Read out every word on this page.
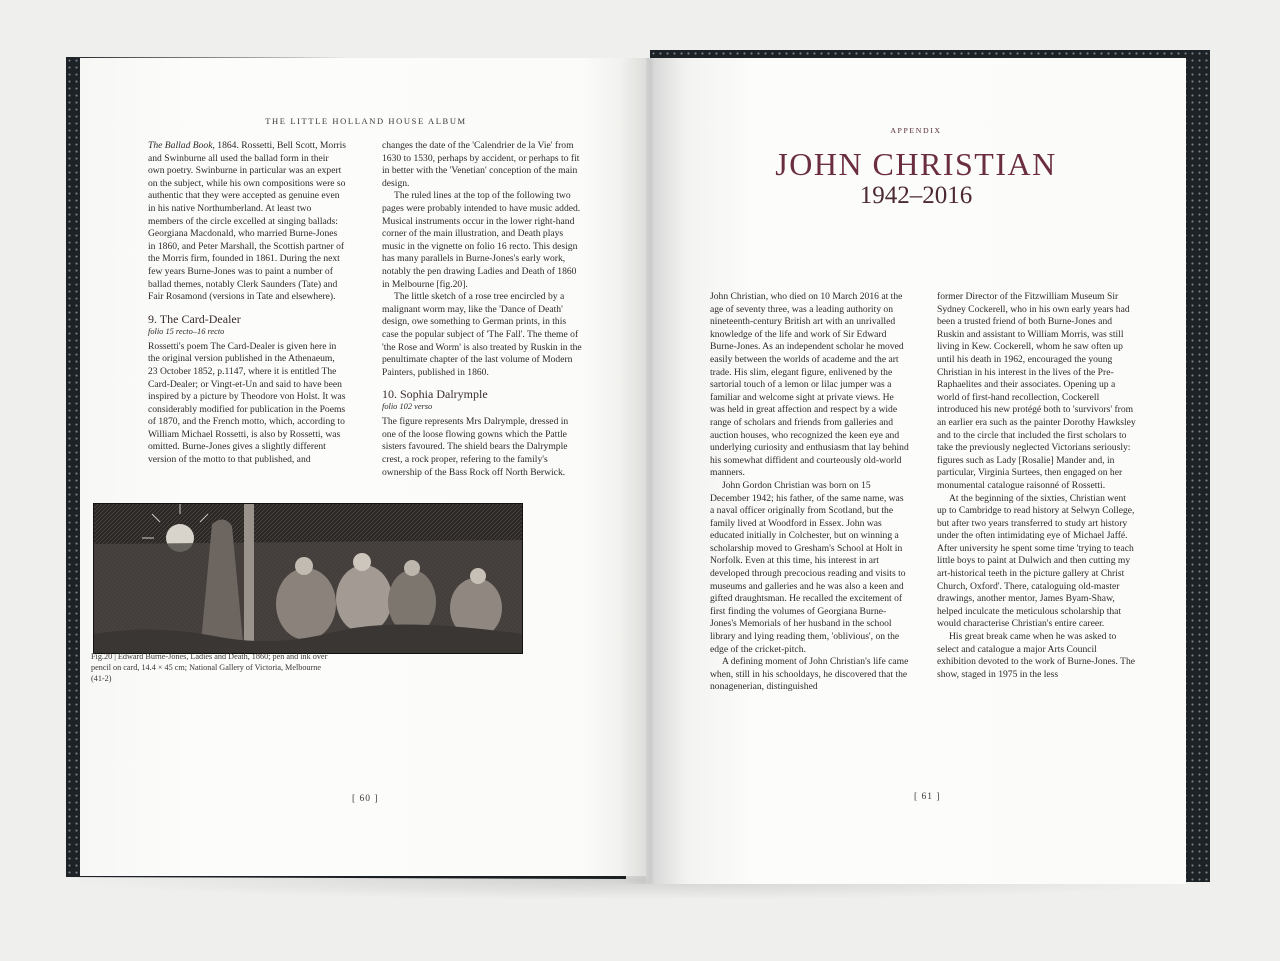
THE LITTLE HOLLAND HOUSE ALBUM

The Ballad Book, 1864. Rossetti, Bell Scott, Morris and Swinburne all used the ballad form in their own poetry. Swinburne in particular was an expert on the subject, while his own compositions were so authentic that they were accepted as genuine even in his native Northumberland. At least two members of the circle excelled at singing ballads: Georgiana Macdonald, who married Burne-Jones in 1860, and Peter Marshall, the Scottish partner of the Morris firm, founded in 1861. During the next few years Burne-Jones was to paint a number of ballad themes, notably Clerk Saunders (Tate) and Fair Rosamond (versions in Tate and elsewhere).

9. The Card-Dealer
folio 15 recto–16 recto

Rossetti's poem The Card-Dealer is given here in the original version published in the Athenaeum, 23 October 1852, p.1147, where it is entitled The Card-Dealer; or Vingt-et-Un and said to have been inspired by a picture by Theodore von Holst. It was considerably modified for publication in the Poems of 1870, and the French motto, which, according to William Michael Rossetti, is also by Rossetti, was omitted. Burne-Jones gives a slightly different version of the motto to that published, and

changes the date of the 'Calendrier de la Vie' from 1630 to 1530, perhaps by accident, or perhaps to fit in better with the 'Venetian' conception of the main design.

The ruled lines at the top of the following two pages were probably intended to have music added. Musical instruments occur in the lower right-hand corner of the main illustration, and Death plays music in the vignette on folio 16 recto. This design has many parallels in Burne-Jones's early work, notably the pen drawing Ladies and Death of 1860 in Melbourne [fig.20].

The little sketch of a rose tree encircled by a malignant worm may, like the 'Dance of Death' design, owe something to German prints, in this case the popular subject of 'The Fall'. The theme of 'the Rose and Worm' is also treated by Ruskin in the penultimate chapter of the last volume of Modern Painters, published in 1860.

10. Sophia Dalrymple
folio 102 verso

The figure represents Mrs Dalrymple, dressed in one of the loose flowing gowns which the Pattle sisters favoured. The shield bears the Dalrymple crest, a rock proper, refering to the family's ownership of the Bass Rock off North Berwick.

[ 60 ]
Fig.20 | Edward Burne-Jones, Ladies and Death, 1860; pen and ink over pencil on card, 14.4 × 45 cm; National Gallery of Victoria, Melbourne (41-2)
APPENDIX
JOHN CHRISTIAN
1942–2016

John Christian, who died on 10 March 2016 at the age of seventy three, was a leading authority on nineteenth-century British art with an unrivalled knowledge of the life and work of Sir Edward Burne-Jones. As an independent scholar he moved easily between the worlds of academe and the art trade. His slim, elegant figure, enlivened by the sartorial touch of a lemon or lilac jumper was a familiar and welcome sight at private views. He was held in great affection and respect by a wide range of scholars and friends from galleries and auction houses, who recognized the keen eye and underlying curiosity and enthusiasm that lay behind his somewhat diffident and courteously old-world manners.

John Gordon Christian was born on 15 December 1942; his father, of the same name, was a naval officer originally from Scotland, but the family lived at Woodford in Essex. John was educated initially in Colchester, but on winning a scholarship moved to Gresham's School at Holt in Norfolk. Even at this time, his interest in art developed through precocious reading and visits to museums and galleries and he was also a keen and gifted draughtsman. He recalled the excitement of first finding the volumes of Georgiana Burne-Jones's Memorials of her husband in the school library and lying reading them, 'oblivious', on the edge of the cricket-pitch.

A defining moment of John Christian's life came when, still in his schooldays, he discovered that the nonagenerian, distinguished

former Director of the Fitzwilliam Museum Sir Sydney Cockerell, who in his own early years had been a trusted friend of both Burne-Jones and Ruskin and assistant to William Morris, was still living in Kew. Cockerell, whom he saw often up until his death in 1962, encouraged the young Christian in his interest in the lives of the Pre-Raphaelites and their associates. Opening up a world of first-hand recollection, Cockerell introduced his new protégé both to 'survivors' from an earlier era such as the painter Dorothy Hawksley and to the circle that included the first scholars to take the previously neglected Victorians seriously: figures such as Lady [Rosalie] Mander and, in particular, Virginia Surtees, then engaged on her monumental catalogue raisonné of Rossetti.

At the beginning of the sixties, Christian went up to Cambridge to read history at Selwyn College, but after two years transferred to study art history under the often intimidating eye of Michael Jaffé. After university he spent some time 'trying to teach little boys to paint at Dulwich and then cutting my art-historical teeth in the picture gallery at Christ Church, Oxford'. There, cataloguing old-master drawings, another mentor, James Byam-Shaw, helped inculcate the meticulous scholarship that would characterise Christian's entire career.

His great break came when he was asked to select and catalogue a major Arts Council exhibition devoted to the work of Burne-Jones. The show, staged in 1975 in the less

[ 61 ]
